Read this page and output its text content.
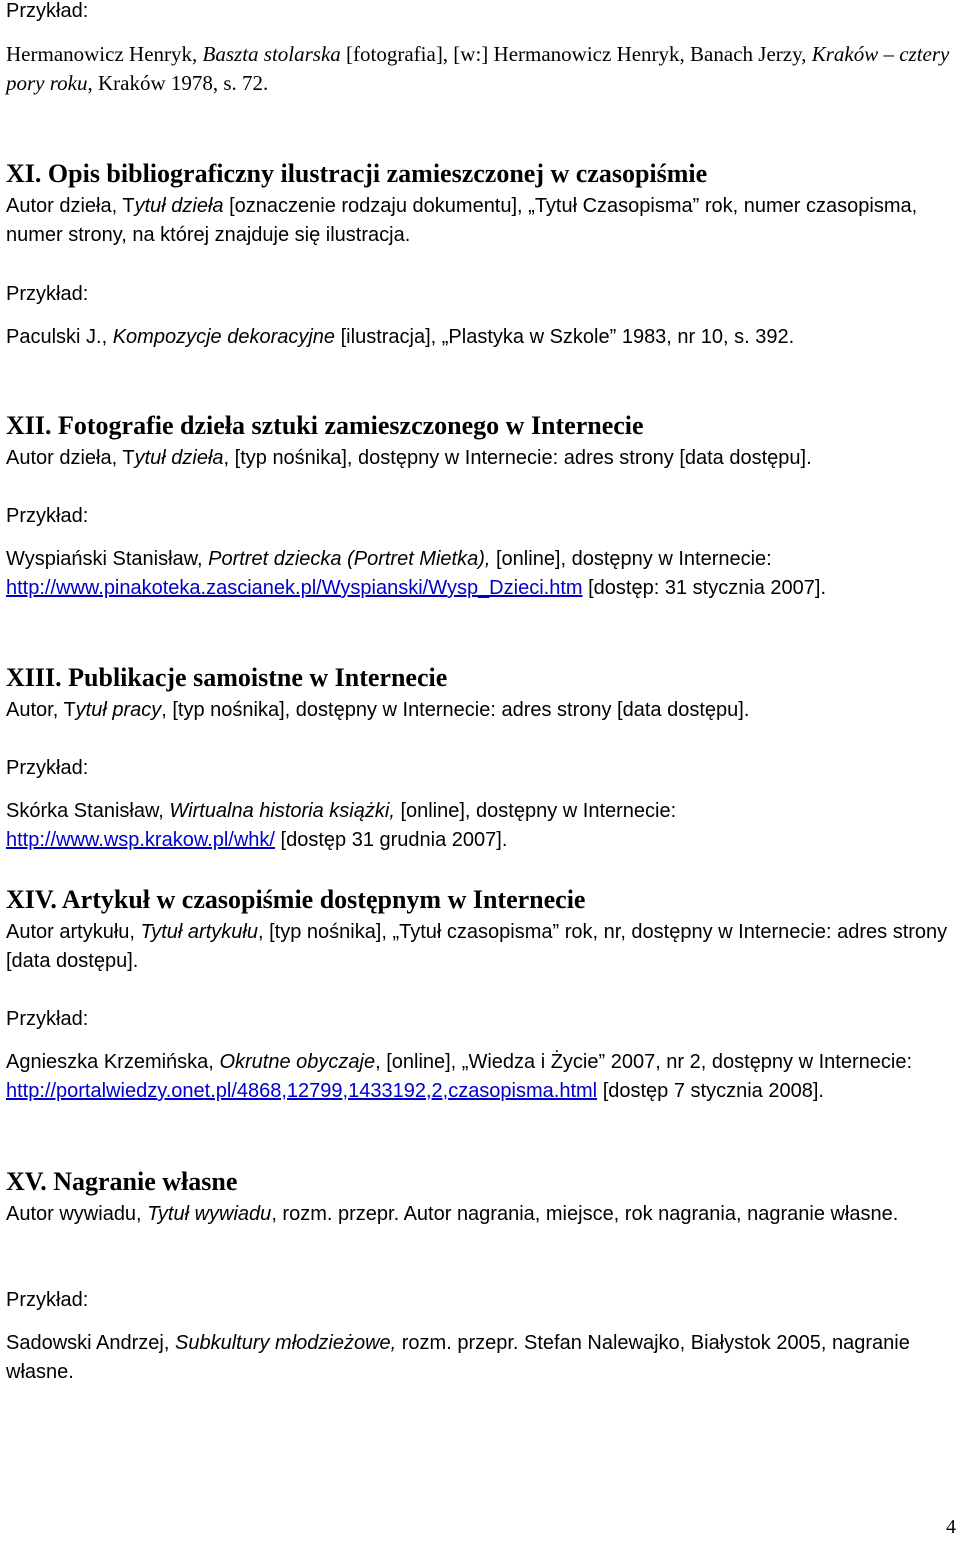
Przykład:

Hermanowicz Henryk, Baszta stolarska [fotografia], [w:] Hermanowicz Henryk, Banach Jerzy, Kraków – cztery pory roku, Kraków 1978, s. 72.

XI. Opis bibliograficzny ilustracji zamieszczonej w czasopiśmie

Autor dzieła, Tytuł dzieła [oznaczenie rodzaju dokumentu], „Tytuł Czasopisma” rok, numer czasopisma, numer strony, na której znajduje się ilustracja.

Przykład:

Paculski J., Kompozycje dekoracyjne [ilustracja], „Plastyka w Szkole” 1983, nr 10, s. 392.

XII. Fotografie dzieła sztuki zamieszczonego w Internecie

Autor dzieła, Tytuł dzieła, [typ nośnika], dostępny w Internecie: adres strony [data dostępu].

Przykład:

Wyspiański Stanisław, Portret dziecka (Portret Mietka), [online], dostępny w Internecie: http://www.pinakoteka.zascianek.pl/Wyspianski/Wysp_Dzieci.htm [dostęp: 31 stycznia 2007].

XIII. Publikacje samoistne w Internecie

Autor, Tytuł pracy, [typ nośnika], dostępny w Internecie: adres strony [data dostępu].

Przykład:

Skórka Stanisław, Wirtualna historia książki, [online], dostępny w Internecie:
http://www.wsp.krakow.pl/whk/ [dostęp 31 grudnia 2007].

XIV. Artykuł w czasopiśmie dostępnym w Internecie

Autor artykułu, Tytuł artykułu, [typ nośnika], „Tytuł czasopisma” rok, nr, dostępny w Internecie: adres strony [data dostępu].

Przykład:

Agnieszka Krzemińska, Okrutne obyczaje, [online], „Wiedza i Życie” 2007, nr 2, dostępny w Internecie: http://portalwiedzy.onet.pl/4868,12799,1433192,2,czasopisma.html [dostęp 7 stycznia 2008].

XV. Nagranie własne

Autor wywiadu, Tytuł wywiadu, rozm. przepr. Autor nagrania, miejsce, rok nagrania, nagranie własne.

Przykład:

Sadowski Andrzej, Subkultury młodzieżowe, rozm. przepr. Stefan Nalewajko, Białystok 2005, nagranie własne.

4
